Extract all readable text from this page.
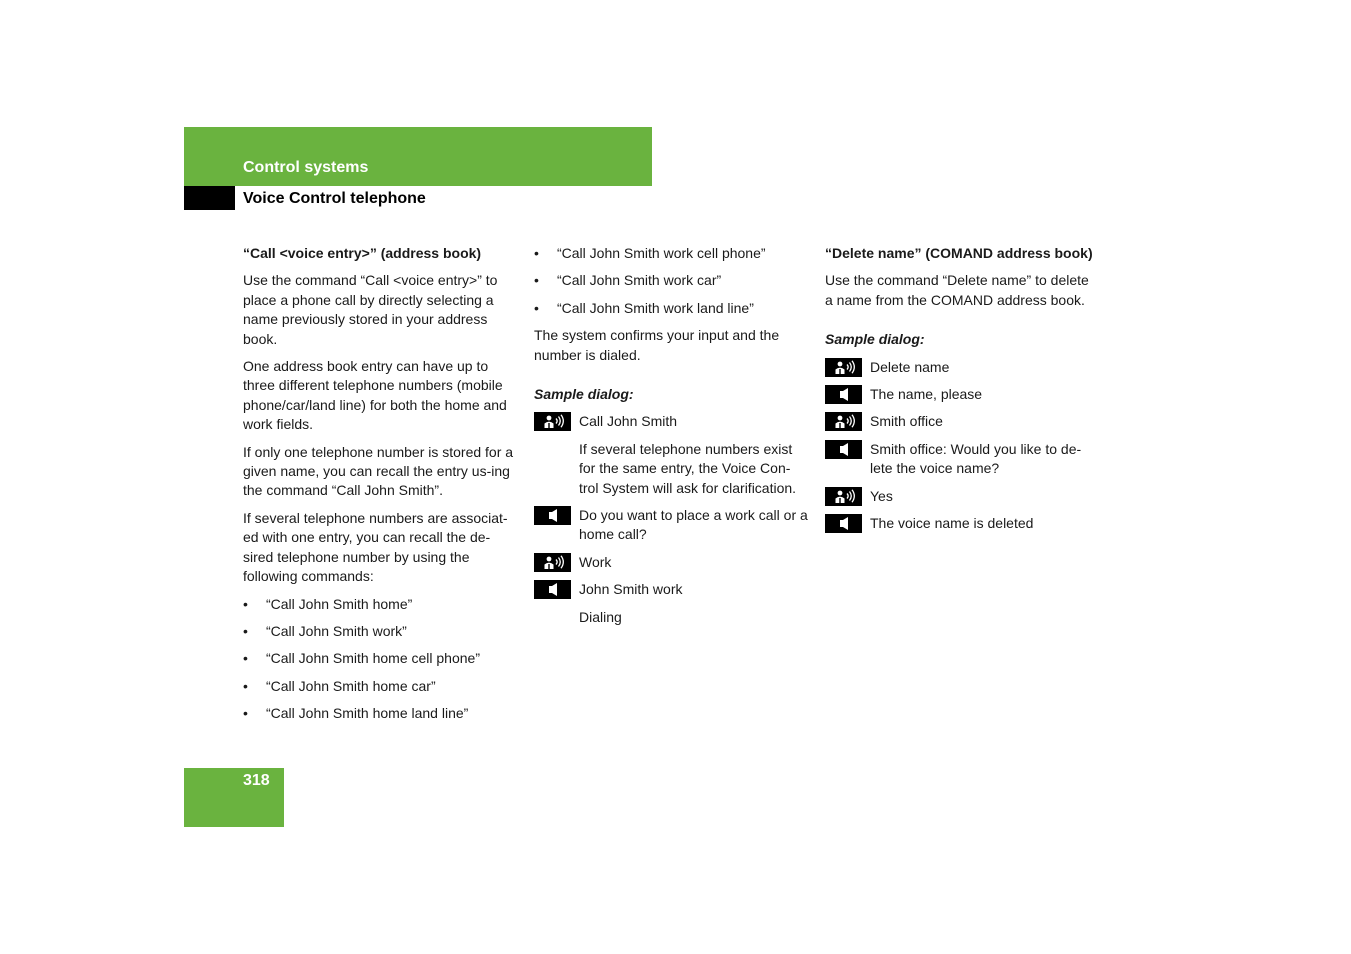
Control systems
Voice Control telephone
“Call <voice entry>” (address book)

Use the command “Call <voice entry>” to place a phone call by directly selecting a name previously stored in your address book.

One address book entry can have up to three different telephone numbers (mobile phone/car/land line) for both the home and work fields.

If only one telephone number is stored for a given name, you can recall the entry us-ing the command “Call John Smith”.

If several telephone numbers are associat-ed with one entry, you can recall the de-sired telephone number by using the following commands:

• “Call John Smith home”
• “Call John Smith work”
• “Call John Smith home cell phone”
• “Call John Smith home car”
• “Call John Smith home land line”
• “Call John Smith work cell phone”
• “Call John Smith work car”
• “Call John Smith work land line”

The system confirms your input and the number is dialed.

Sample dialog:
Call John Smith
If several telephone numbers exist for the same entry, the Voice Con-trol System will ask for clarification.
Do you want to place a work call or a home call?
Work
John Smith work
Dialing
“Delete name” (COMAND address book)

Use the command “Delete name” to delete a name from the COMAND address book.

Sample dialog:
Delete name
The name, please
Smith office
Smith office: Would you like to de-lete the voice name?
Yes
The voice name is deleted
318
